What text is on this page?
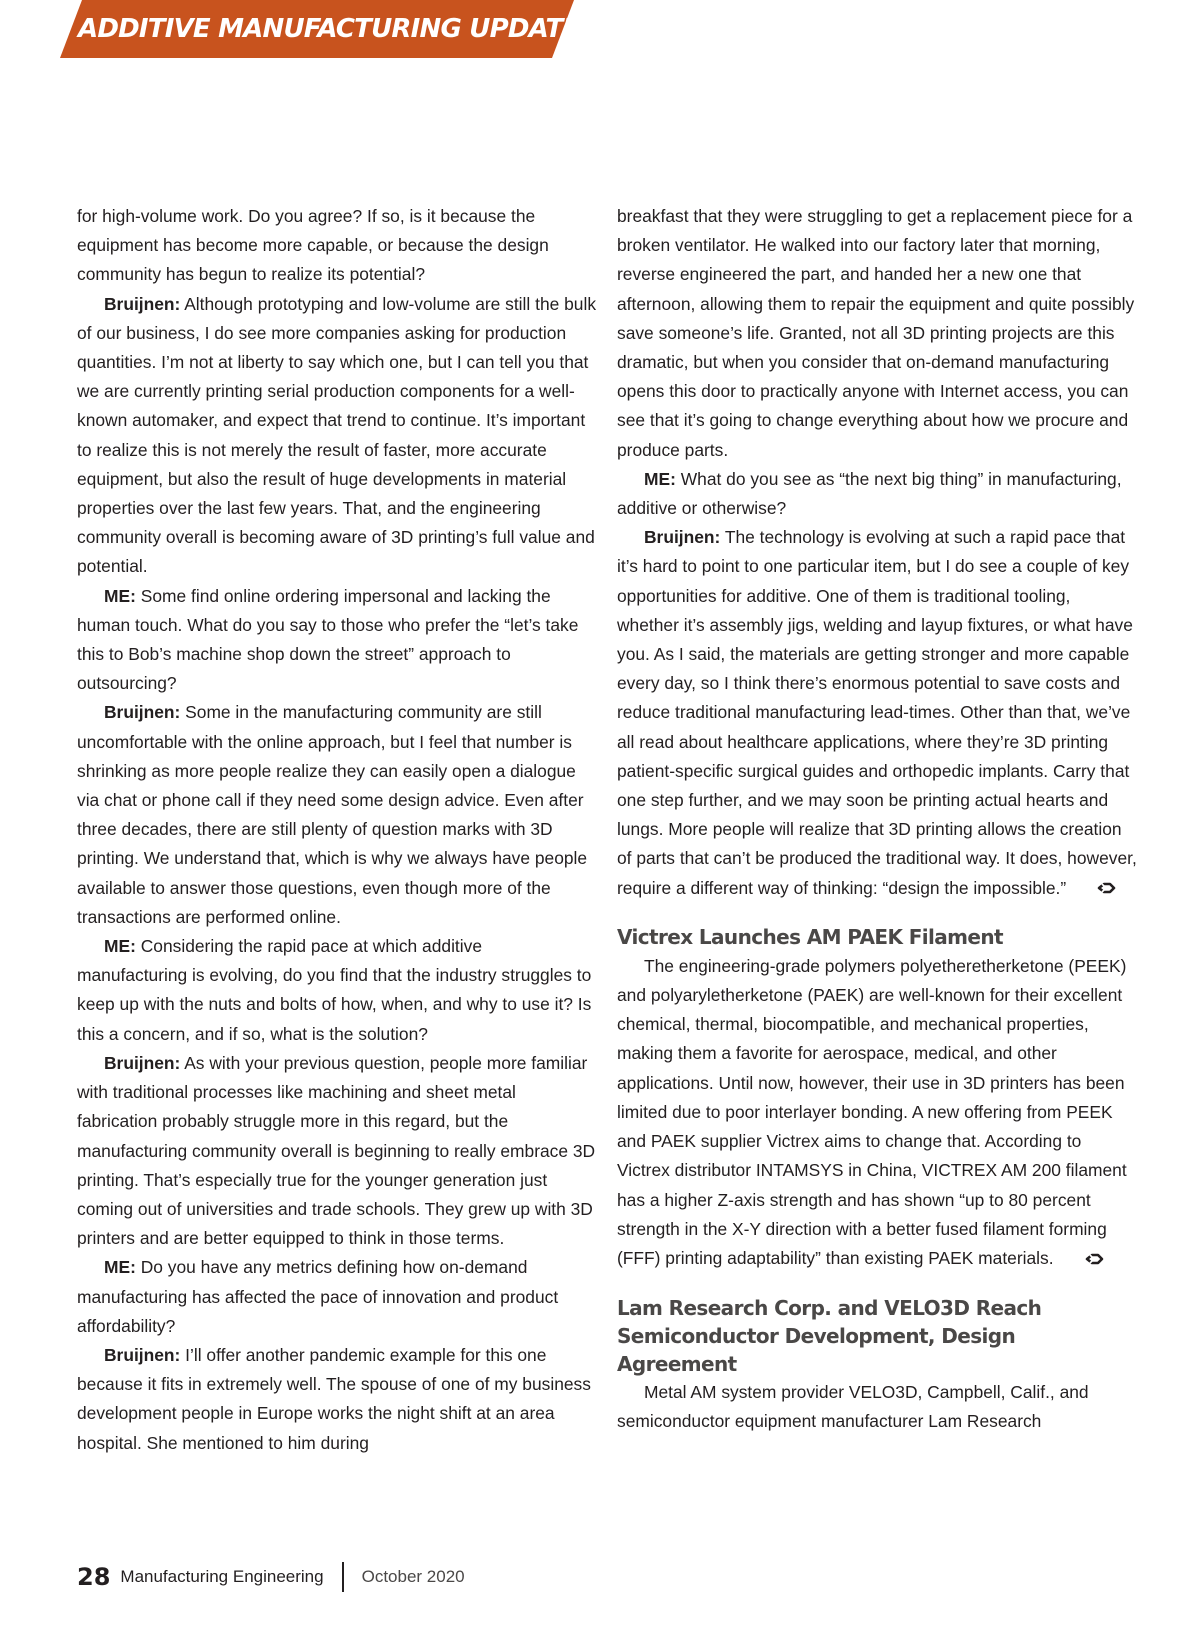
ADDITIVE MANUFACTURING UPDATE

for high-volume work. Do you agree? If so, is it because the equipment has become more capable, or because the design community has begun to realize its potential?

Bruijnen: Although prototyping and low-volume are still the bulk of our business, I do see more companies asking for production quantities. I’m not at liberty to say which one, but I can tell you that we are currently printing serial production components for a well-known automaker, and expect that trend to continue. It’s important to realize this is not merely the result of faster, more accurate equipment, but also the result of huge developments in material properties over the last few years. That, and the engineering community overall is becoming aware of 3D printing’s full value and potential.

ME: Some find online ordering impersonal and lacking the human touch. What do you say to those who prefer the “let’s take this to Bob’s machine shop down the street” approach to outsourcing?

Bruijnen: Some in the manufacturing community are still uncomfortable with the online approach, but I feel that number is shrinking as more people realize they can easily open a dialogue via chat or phone call if they need some design advice. Even after three decades, there are still plenty of question marks with 3D printing. We understand that, which is why we always have people available to answer those questions, even though more of the transactions are performed online.

ME: Considering the rapid pace at which additive manufacturing is evolving, do you find that the industry struggles to keep up with the nuts and bolts of how, when, and why to use it? Is this a concern, and if so, what is the solution?

Bruijnen: As with your previous question, people more familiar with traditional processes like machining and sheet metal fabrication probably struggle more in this regard, but the manufacturing community overall is beginning to really embrace 3D printing. That’s especially true for the younger generation just coming out of universities and trade schools. They grew up with 3D printers and are better equipped to think in those terms.

ME: Do you have any metrics defining how on-demand manufacturing has affected the pace of innovation and product affordability?

Bruijnen: I’ll offer another pandemic example for this one because it fits in extremely well. The spouse of one of my business development people in Europe works the night shift at an area hospital. She mentioned to him during

breakfast that they were struggling to get a replacement piece for a broken ventilator. He walked into our factory later that morning, reverse engineered the part, and handed her a new one that afternoon, allowing them to repair the equipment and quite possibly save someone’s life. Granted, not all 3D printing projects are this dramatic, but when you consider that on-demand manufacturing opens this door to practically anyone with Internet access, you can see that it’s going to change everything about how we procure and produce parts.

ME: What do you see as “the next big thing” in manufacturing, additive or otherwise?

Bruijnen: The technology is evolving at such a rapid pace that it’s hard to point to one particular item, but I do see a couple of key opportunities for additive. One of them is traditional tooling, whether it’s assembly jigs, welding and layup fixtures, or what have you. As I said, the materials are getting stronger and more capable every day, so I think there’s enormous potential to save costs and reduce traditional manufacturing lead-times. Other than that, we’ve all read about healthcare applications, where they’re 3D printing patient-specific surgical guides and orthopedic implants. Carry that one step further, and we may soon be printing actual hearts and lungs. More people will realize that 3D printing allows the creation of parts that can’t be produced the traditional way. It does, however, require a different way of thinking: “design the impossible.”

Victrex Launches AM PAEK Filament

The engineering-grade polymers polyetheretherketone (PEEK) and polyaryletherketone (PAEK) are well-known for their excellent chemical, thermal, biocompatible, and mechanical properties, making them a favorite for aerospace, medical, and other applications. Until now, however, their use in 3D printers has been limited due to poor interlayer bonding. A new offering from PEEK and PAEK supplier Victrex aims to change that. According to Victrex distributor INTAMSYS in China, VICTREX AM 200 filament has a higher Z-axis strength and has shown “up to 80 percent strength in the X-Y direction with a better fused filament forming (FFF) printing adaptability” than existing PAEK materials.

Lam Research Corp. and VELO3D Reach Semiconductor Development, Design Agreement

Metal AM system provider VELO3D, Campbell, Calif., and semiconductor equipment manufacturer Lam Research

28 Manufacturing Engineering October 2020
